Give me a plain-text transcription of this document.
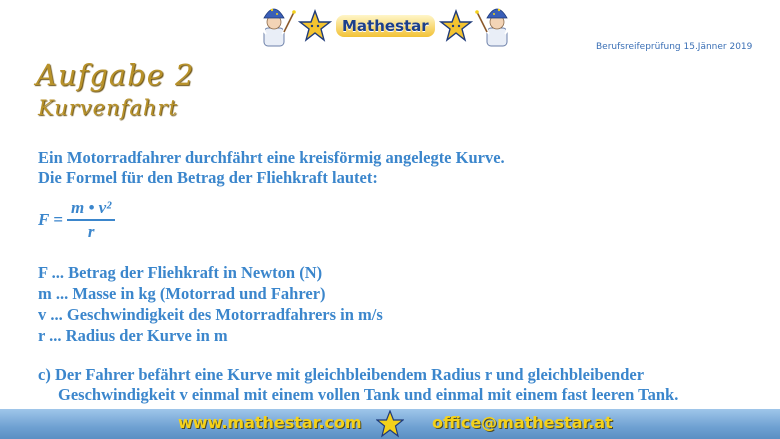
Mathestar
Berufsreifeprüfung 15.Jänner 2019
Aufgabe 2
Kurvenfahrt

Ein Motorradfahrer durchfährt eine kreisförmig angelegte Kurve.

Die Formel für den Betrag der Fliehkraft lautet:

$F = \frac{\text{m • v²}}{r}$

F ... Betrag der Fliehkraft in Newton (N)

m ... Masse in kg (Motorrad und Fahrer)

v ... Geschwindigkeit des Motorradfahrers in m/s

r ... Radius der Kurve in m

c) Der Fahrer befährt eine Kurve mit gleichbleibendem Radius r und gleichbleibender

Geschwindigkeit v einmal mit einem vollen Tank und einmal mit einem fast leeren Tank.

www.mathestar.com	office@mathestar.at
